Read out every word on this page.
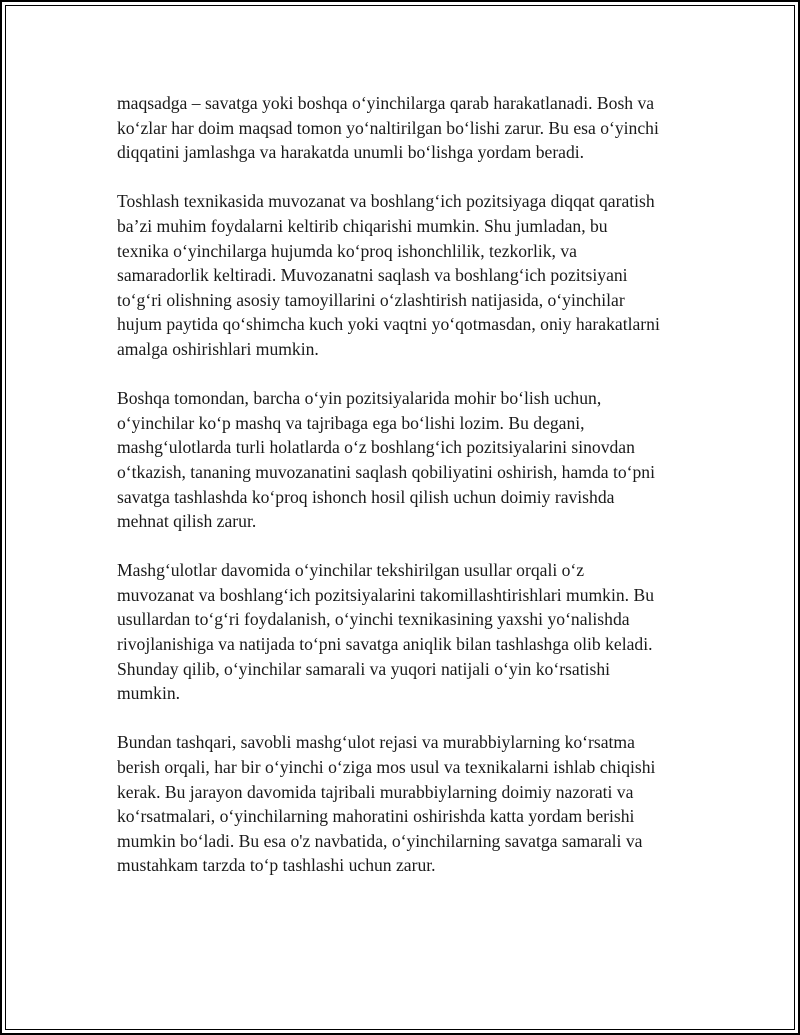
maqsadga – savatga yoki boshqa o‘yinchilarga qarab harakatlanadi. Bosh va
ko‘zlar har doim maqsad tomon yo‘naltirilgan bo‘lishi zarur. Bu esa o‘yinchi
diqqatini jamlashga va harakatda unumli bo‘lishga yordam beradi.

Toshlash texnikasida muvozanat va boshlang‘ich pozitsiyaga diqqat qaratish
ba’zi muhim foydalarni keltirib chiqarishi mumkin. Shu jumladan, bu
texnika o‘yinchilarga hujumda ko‘proq ishonchlilik, tezkorlik, va
samaradorlik keltiradi. Muvozanatni saqlash va boshlang‘ich pozitsiyani
to‘g‘ri olishning asosiy tamoyillarini o‘zlashtirish natijasida, o‘yinchilar
hujum paytida qo‘shimcha kuch yoki vaqtni yo‘qotmasdan, oniy harakatlarni
amalga oshirishlari mumkin.

Boshqa tomondan, barcha o‘yin pozitsiyalarida mohir bo‘lish uchun,
o‘yinchilar ko‘p mashq va tajribaga ega bo‘lishi lozim. Bu degani,
mashg‘ulotlarda turli holatlarda o‘z boshlang‘ich pozitsiyalarini sinovdan
o‘tkazish, tananing muvozanatini saqlash qobiliyatini oshirish, hamda to‘pni
savatga tashlashda ko‘proq ishonch hosil qilish uchun doimiy ravishda
mehnat qilish zarur.

Mashg‘ulotlar davomida o‘yinchilar tekshirilgan usullar orqali o‘z
muvozanat va boshlang‘ich pozitsiyalarini takomillashtirishlari mumkin. Bu
usullardan to‘g‘ri foydalanish, o‘yinchi texnikasining yaxshi yo‘nalishda
rivojlanishiga va natijada to‘pni savatga aniqlik bilan tashlashga olib keladi.
Shunday qilib, o‘yinchilar samarali va yuqori natijali o‘yin ko‘rsatishi
mumkin.

Bundan tashqari, savobli mashg‘ulot rejasi va murabbiylarning ko‘rsatma
berish orqali, har bir o‘yinchi o‘ziga mos usul va texnikalarni ishlab chiqishi
kerak. Bu jarayon davomida tajribali murabbiylarning doimiy nazorati va
ko‘rsatmalari, o‘yinchilarning mahoratini oshirishda katta yordam berishi
mumkin bo‘ladi. Bu esa o'z navbatida, o‘yinchilarning savatga samarali va
mustahkam tarzda to‘p tashlashi uchun zarur.
